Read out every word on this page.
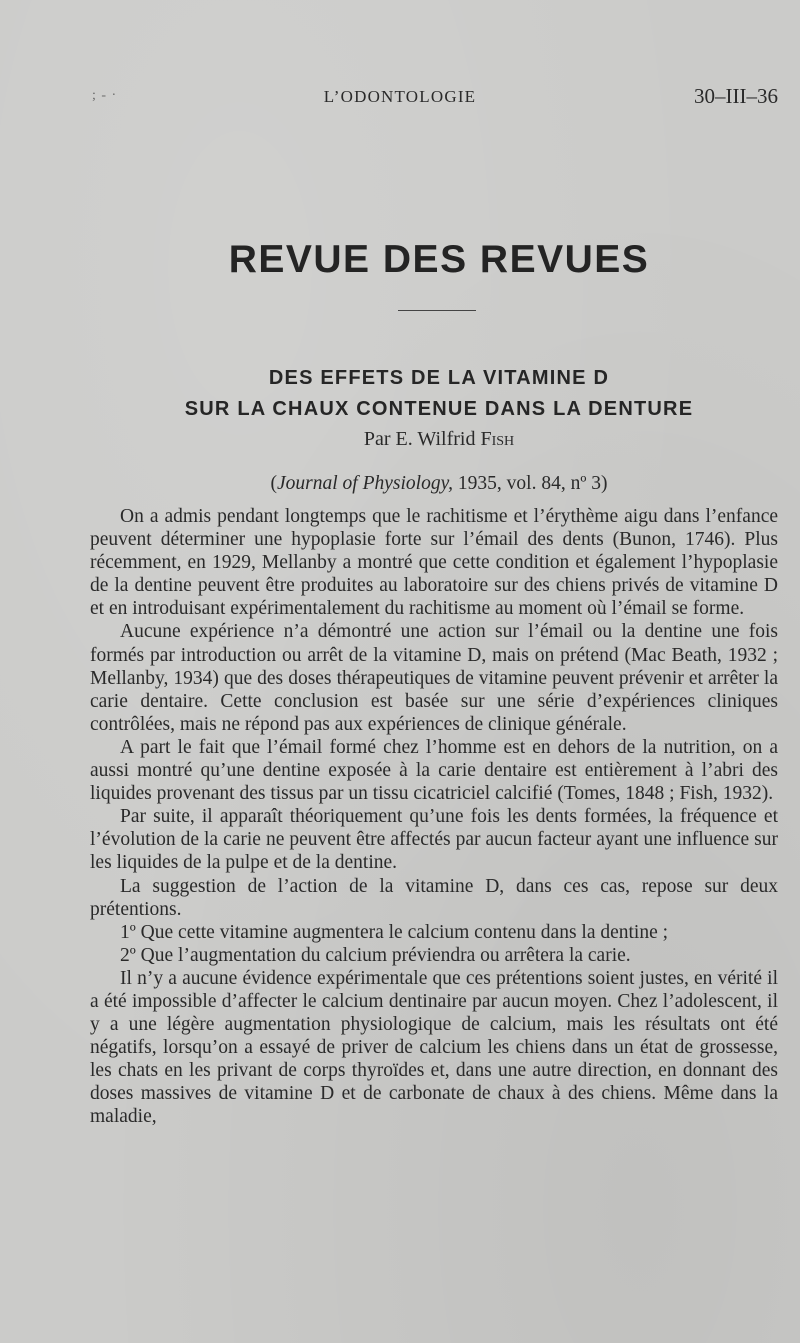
; - ·	L’ODONTOLOGIE	30–III–36
REVUE DES REVUES
DES EFFETS DE LA VITAMINE D
SUR LA CHAUX CONTENUE DANS LA DENTURE
Par E. Wilfrid Fish
(Journal of Physiology, 1935, vol. 84, nº 3)

On a admis pendant longtemps que le rachitisme et l’érythème aigu dans l’enfance peuvent déterminer une hypoplasie forte sur l’émail des dents (Bunon, 1746). Plus récemment, en 1929, Mellanby a montré que cette condition et également l’hypoplasie de la dentine peuvent être produites au laboratoire sur des chiens privés de vitamine D et en introduisant expérimentalement du rachitisme au moment où l’émail se forme.

Aucune expérience n’a démontré une action sur l’émail ou la dentine une fois formés par introduction ou arrêt de la vitamine D, mais on prétend (Mac Beath, 1932 ; Mellanby, 1934) que des doses thérapeutiques de vitamine peuvent prévenir et arrêter la carie dentaire. Cette conclusion est basée sur une série d’expériences cliniques contrôlées, mais ne répond pas aux expériences de clinique générale.

A part le fait que l’émail formé chez l’homme est en dehors de la nutrition, on a aussi montré qu’une dentine exposée à la carie dentaire est entièrement à l’abri des liquides provenant des tissus par un tissu cicatriciel calcifié (Tomes, 1848 ; Fish, 1932).

Par suite, il apparaît théoriquement qu’une fois les dents formées, la fréquence et l’évolution de la carie ne peuvent être affectés par aucun facteur ayant une influence sur les liquides de la pulpe et de la dentine.

La suggestion de l’action de la vitamine D, dans ces cas, repose sur deux prétentions.

1º Que cette vitamine augmentera le calcium contenu dans la dentine ;

2º Que l’augmentation du calcium préviendra ou arrêtera la carie.

Il n’y a aucune évidence expérimentale que ces prétentions soient justes, en vérité il a été impossible d’affecter le calcium dentinaire par aucun moyen. Chez l’adolescent, il y a une légère augmentation physiologique de calcium, mais les résultats ont été négatifs, lorsqu’on a essayé de priver de calcium les chiens dans un état de grossesse, les chats en les privant de corps thyroïdes et, dans une autre direction, en donnant des doses massives de vitamine D et de carbonate de chaux à des chiens. Même dans la maladie,
